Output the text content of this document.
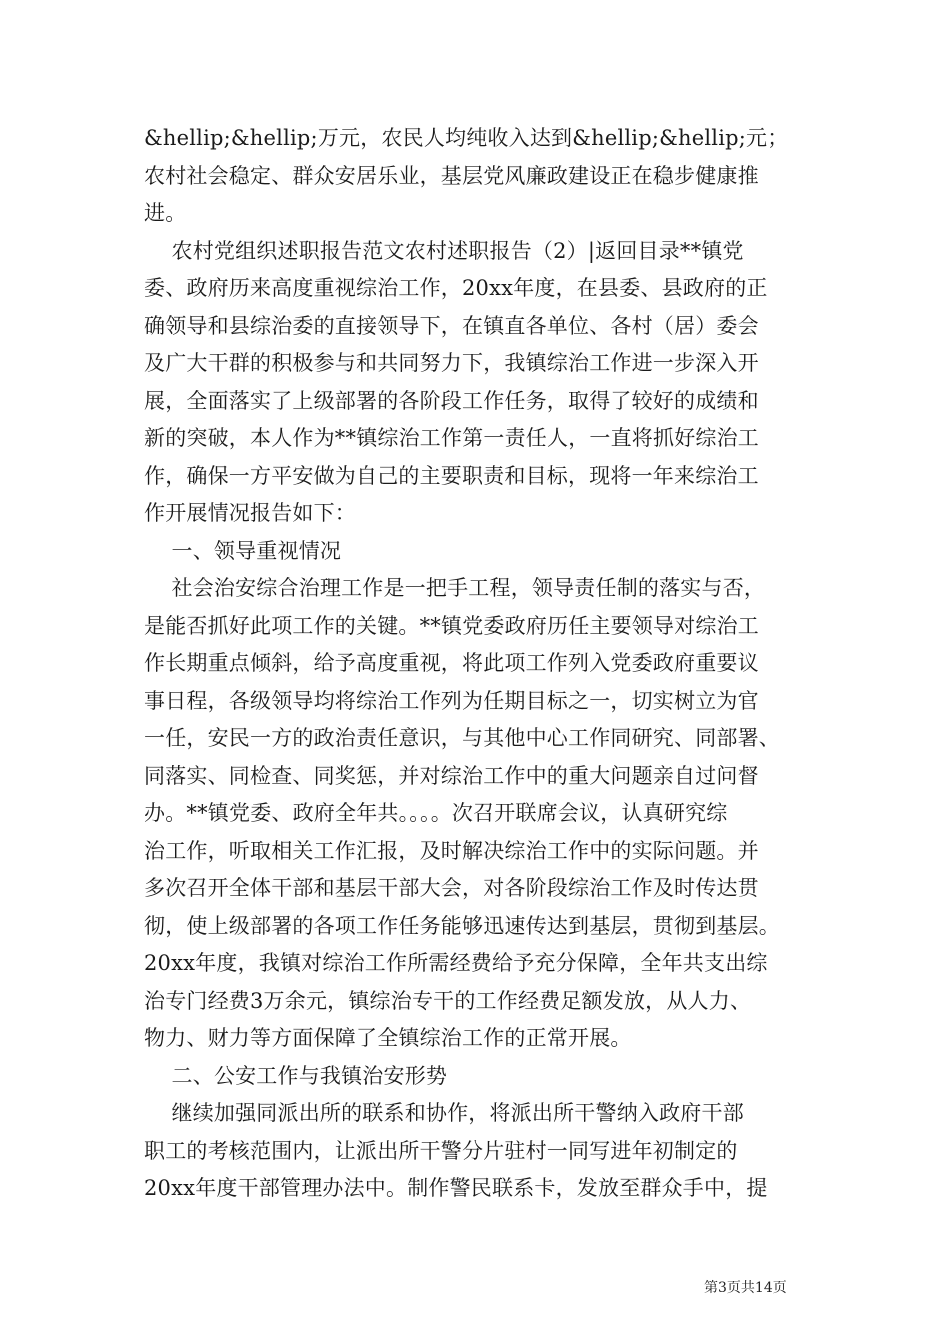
&hellip;&hellip;万元，农民人均纯收入达到&hellip;&hellip;元；
农村社会稳定、群众安居乐业，基层党风廉政建设正在稳步健康推
进。
农村党组织述职报告范文农村述职报告（2）|返回目录**镇党
委、政府历来高度重视综治工作，20xx年度，在县委、县政府的正
确领导和县综治委的直接领导下，在镇直各单位、各村（居）委会
及广大干群的积极参与和共同努力下，我镇综治工作进一步深入开
展，全面落实了上级部署的各阶段工作任务，取得了较好的成绩和
新的突破，本人作为**镇综治工作第一责任人，一直将抓好综治工
作，确保一方平安做为自己的主要职责和目标，现将一年来综治工
作开展情况报告如下：
一、领导重视情况
社会治安综合治理工作是一把手工程，领导责任制的落实与否，
是能否抓好此项工作的关键。**镇党委政府历任主要领导对综治工
作长期重点倾斜，给予高度重视，将此项工作列入党委政府重要议
事日程，各级领导均将综治工作列为任期目标之一，切实树立为官
一任，安民一方的政治责任意识，与其他中心工作同研究、同部署、
同落实、同检查、同奖惩，并对综治工作中的重大问题亲自过问督
办。**镇党委、政府全年共。。。。次召开联席会议，认真研究综
治工作，听取相关工作汇报，及时解决综治工作中的实际问题。并
多次召开全体干部和基层干部大会，对各阶段综治工作及时传达贯
彻，使上级部署的各项工作任务能够迅速传达到基层，贯彻到基层。
20xx年度，我镇对综治工作所需经费给予充分保障，全年共支出综
治专门经费3万余元，镇综治专干的工作经费足额发放，从人力、
物力、财力等方面保障了全镇综治工作的正常开展。
二、公安工作与我镇治安形势
继续加强同派出所的联系和协作，将派出所干警纳入政府干部
职工的考核范围内，让派出所干警分片驻村一同写进年初制定的
20xx年度干部管理办法中。制作警民联系卡，发放至群众手中，提
第3页共14页
